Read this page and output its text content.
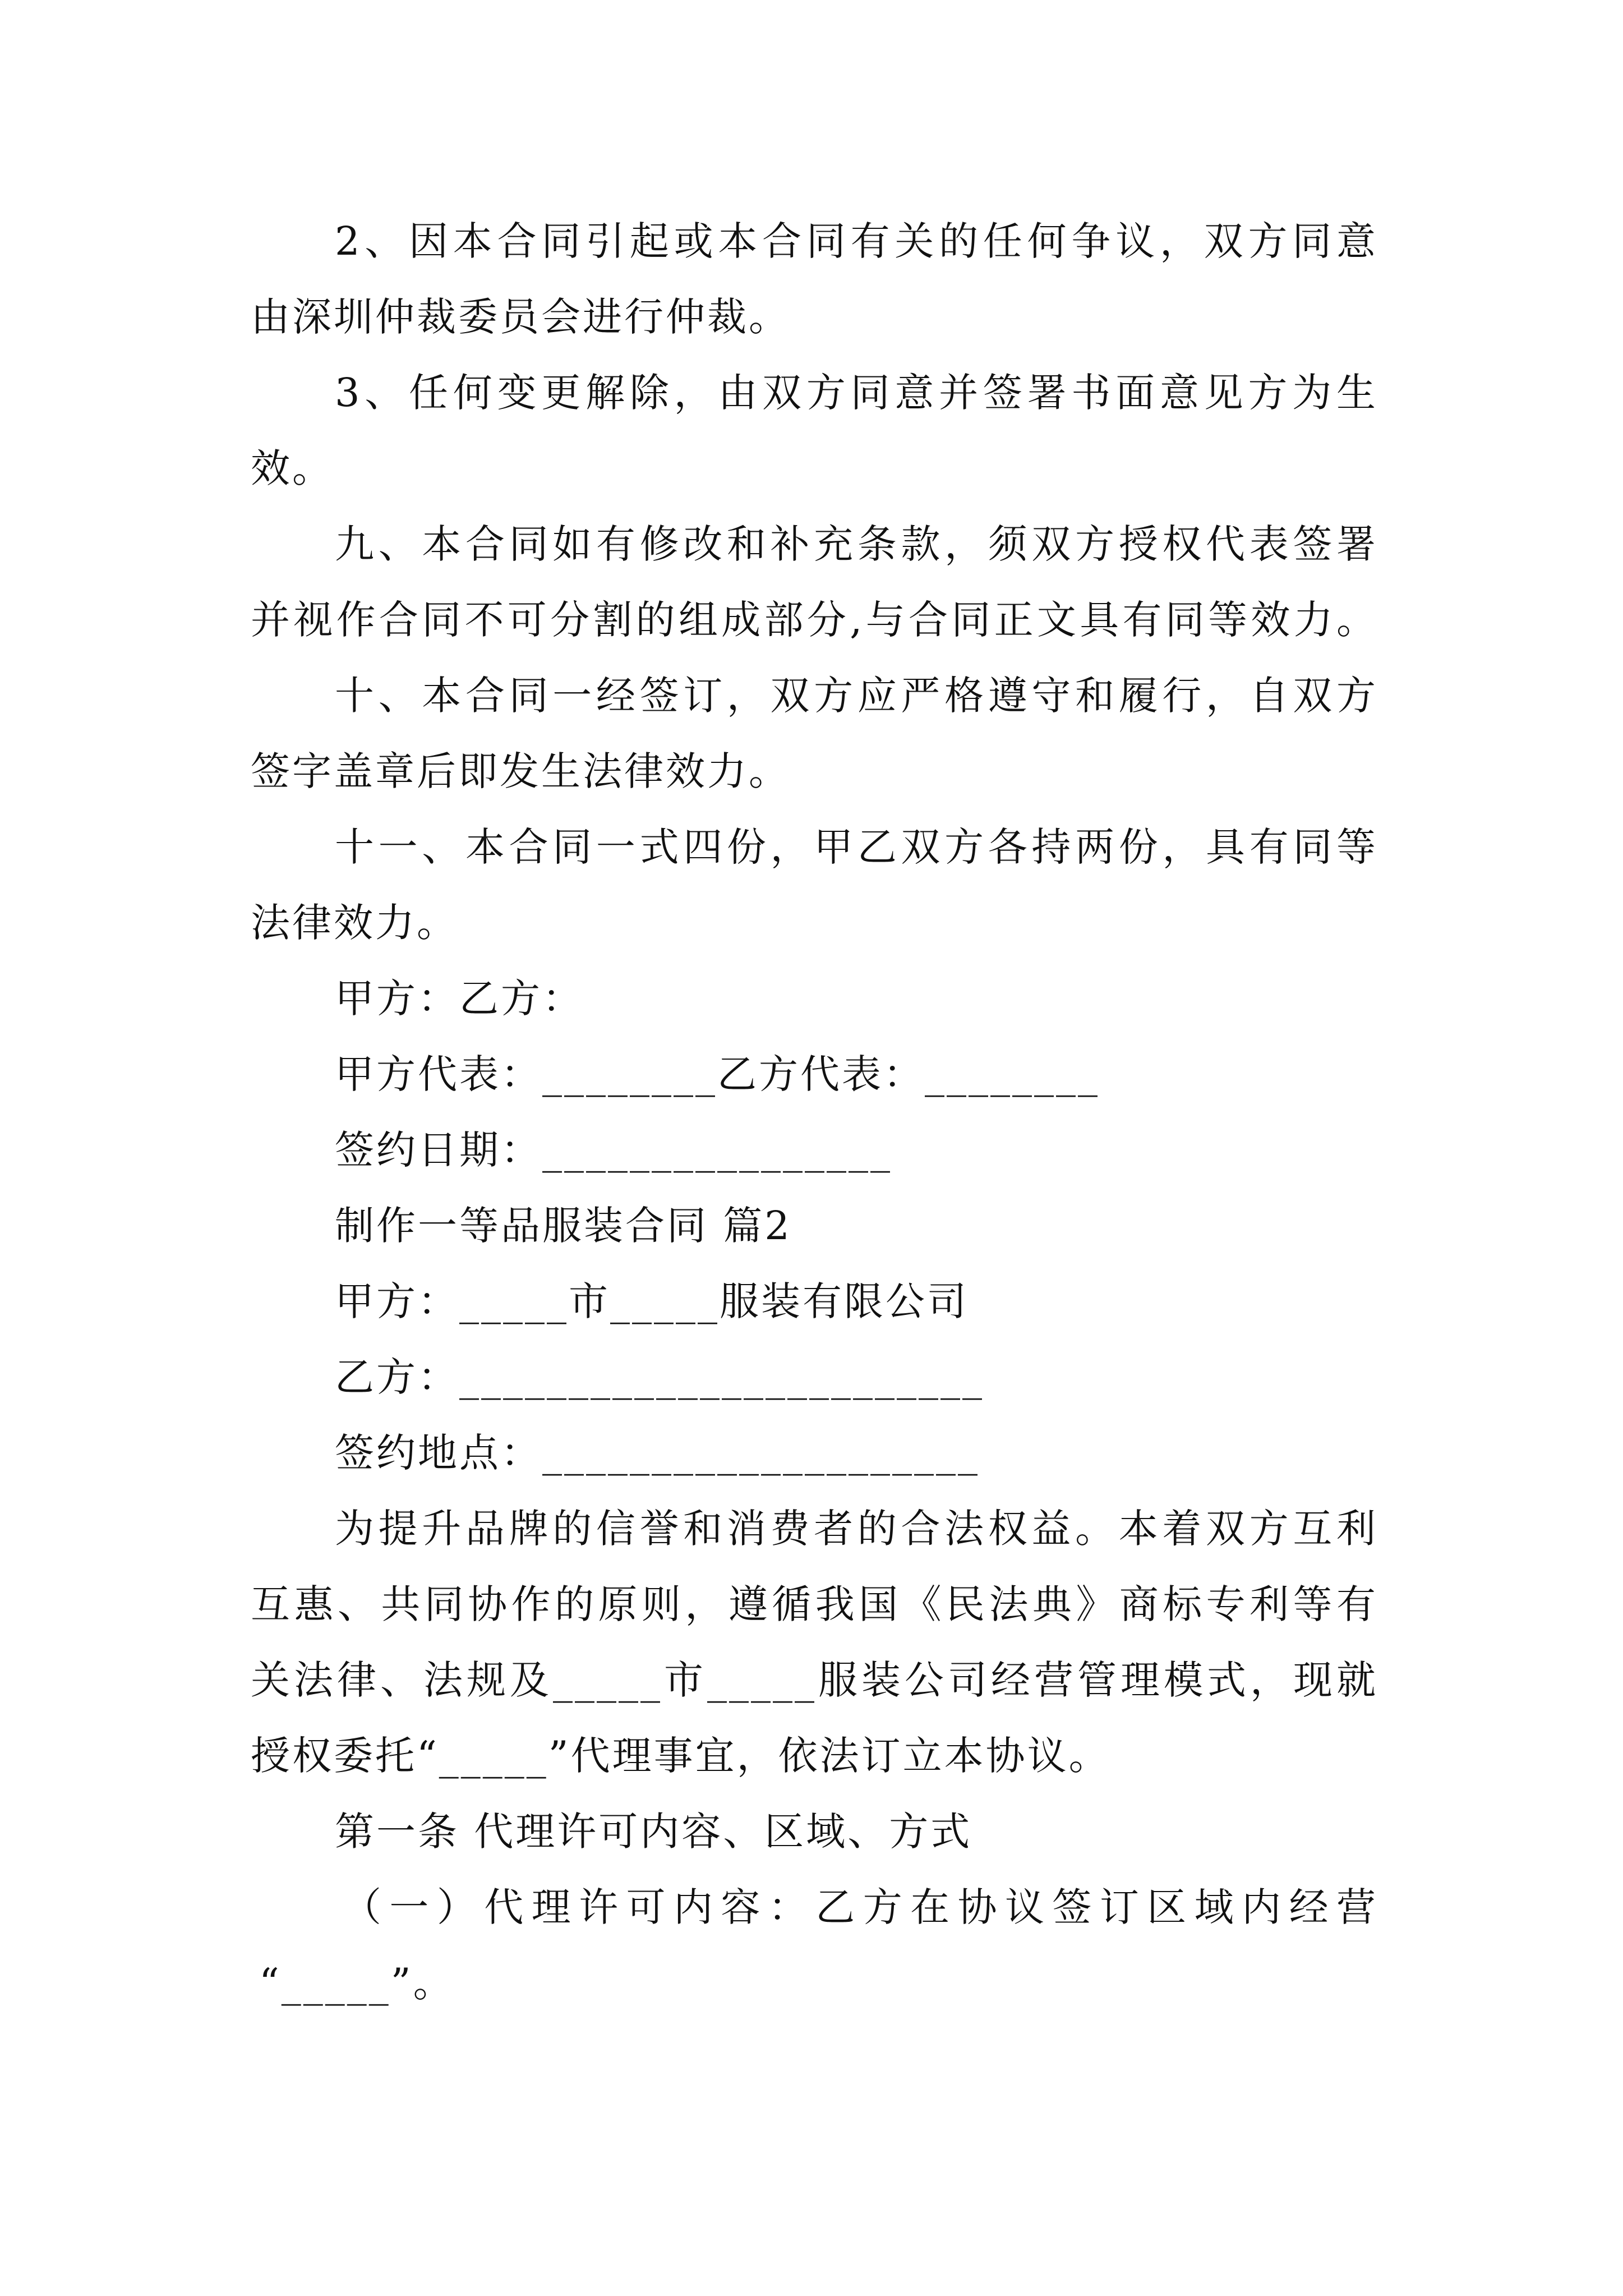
2、因本合同引起或本合同有关的任何争议，双方同意
由深圳仲裁委员会进行仲裁。
3、任何变更解除，由双方同意并签署书面意见方为生
效。
九、本合同如有修改和补充条款，须双方授权代表签署
并视作合同不可分割的组成部分,与合同正文具有同等效力。
十、本合同一经签订，双方应严格遵守和履行，自双方
签字盖章后即发生法律效力。
十一、本合同一式四份，甲乙双方各持两份，具有同等
法律效力。
甲方：乙方：
甲方代表：________乙方代表：________
签约日期：________________
制作一等品服装合同 篇2
甲方：_____市_____服装有限公司
乙方：________________________
签约地点：____________________
为提升品牌的信誉和消费者的合法权益。本着双方互利
互惠、共同协作的原则，遵循我国《民法典》商标专利等有
关法律、法规及_____市_____服装公司经营管理模式，现就
授权委托“_____”代理事宜，依法订立本协议。
第一条 代理许可内容、区域、方式
（一）代理许可内容：乙方在协议签订区域内经营
“_____”。
